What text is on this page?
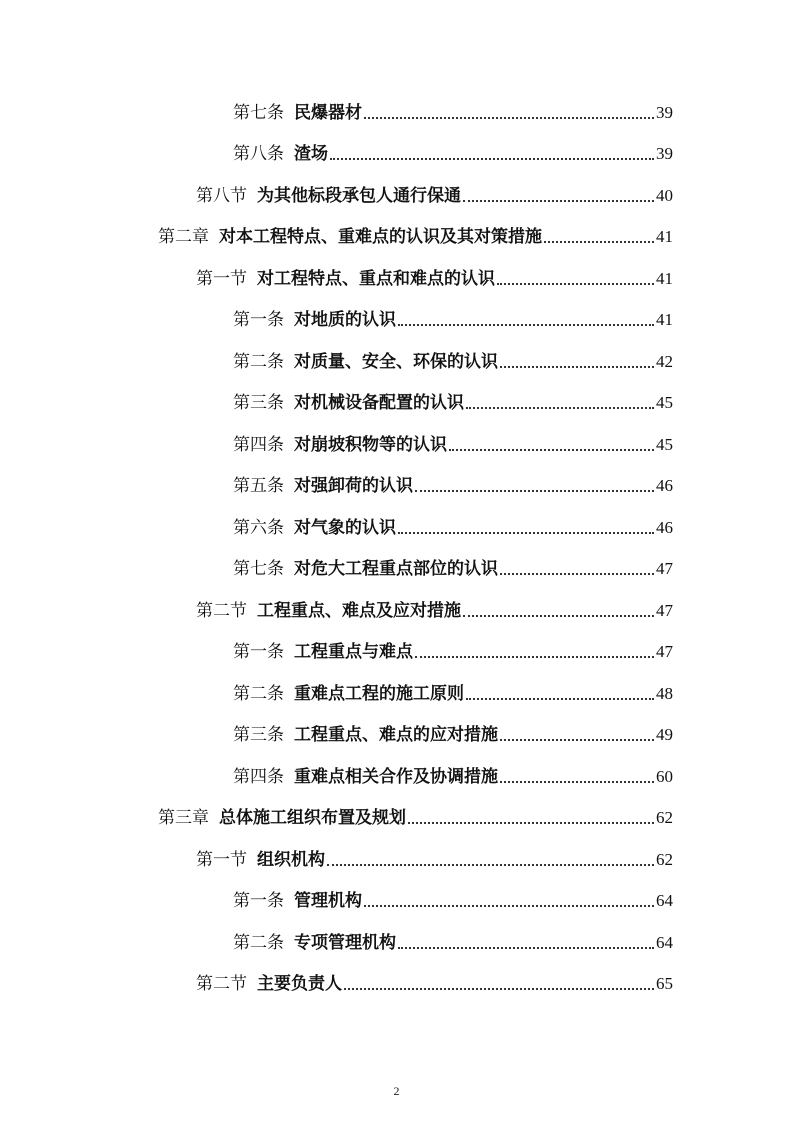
第七条 民爆器材	39
第八条 渣场	39
第八节 为其他标段承包人通行保通	40
第二章 对本工程特点、重难点的认识及其对策措施	41
第一节 对工程特点、重点和难点的认识	41
第一条 对地质的认识	41
第二条 对质量、安全、环保的认识	42
第三条 对机械设备配置的认识	45
第四条 对崩坡积物等的认识	45
第五条 对强卸荷的认识	46
第六条 对气象的认识	46
第七条 对危大工程重点部位的认识	47
第二节 工程重点、难点及应对措施	47
第一条 工程重点与难点	47
第二条 重难点工程的施工原则	48
第三条 工程重点、难点的应对措施	49
第四条 重难点相关合作及协调措施	60
第三章 总体施工组织布置及规划	62
第一节 组织机构	62
第一条 管理机构	64
第二条 专项管理机构	64
第二节 主要负责人	65
2
